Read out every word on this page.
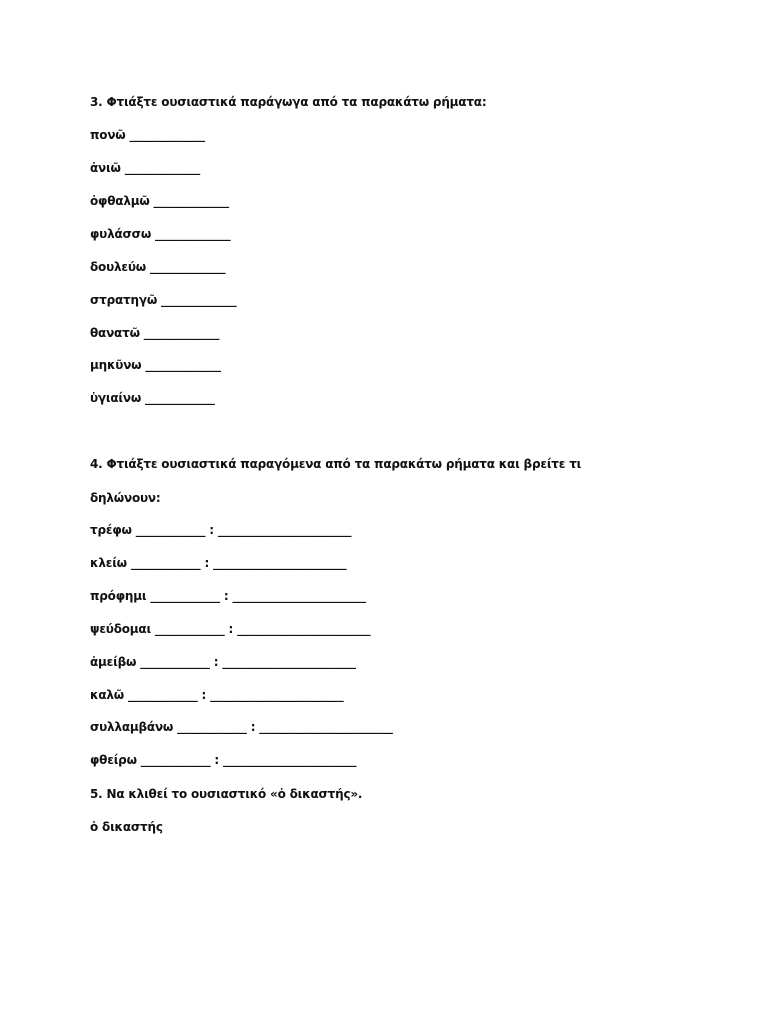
3. Φτιάξτε ουσιαστικά παράγωγα από τα παρακάτω ρήματα:
πονῶ _____________
ἀνιῶ _____________
ὀφθαλμῶ _____________
φυλάσσω _____________
δουλεύω _____________
στρατηγῶ _____________
θανατῶ _____________
μηκῦνω _____________
ὑγιαίνω ____________
4. Φτιάξτε ουσιαστικά παραγόμενα από τα παρακάτω ρήματα και βρείτε τι
δηλώνουν:
τρέφω ____________ : _______________________
κλείω ____________ : _______________________
πρόφημι ____________ : _______________________
ψεύδομαι ____________ : _______________________
ἀμείβω ____________ : _______________________
καλῶ ____________ : _______________________
συλλαμβάνω ____________ : _______________________
φθείρω ____________ : _______________________
5. Να κλιθεί το ουσιαστικό «ὁ δικαστής».
ὁ δικαστής
